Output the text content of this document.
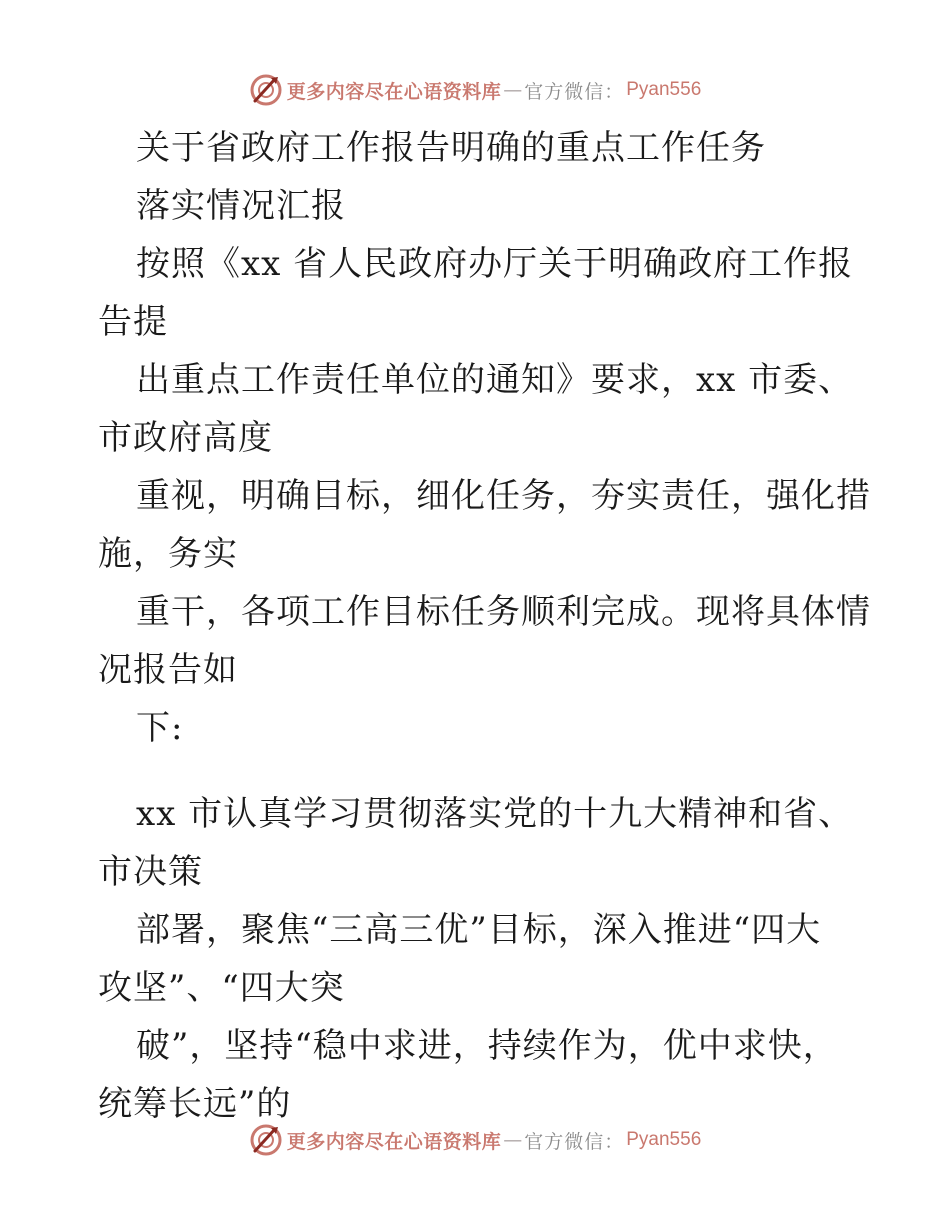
更多内容尽在心语资料库 — 官方微信： Pyan556
关于省政府工作报告明确的重点工作任务
落实情况汇报
按照《xx 省人民政府办厅关于明确政府工作报
告提
出重点工作责任单位的通知》要求，xx 市委、
市政府高度
重视，明确目标，细化任务，夯实责任，强化措
施，务实
重干，各项工作目标任务顺利完成。现将具体情
况报告如
下:
xx 市认真学习贯彻落实党的十九大精神和省、
市决策
部署，聚焦“三高三优”目标，深入推进“四大
攻坚”、“四大突
破”，坚持“稳中求进，持续作为，优中求快，
统筹长远”的
更多内容尽在心语资料库 — 官方微信： Pyan556
